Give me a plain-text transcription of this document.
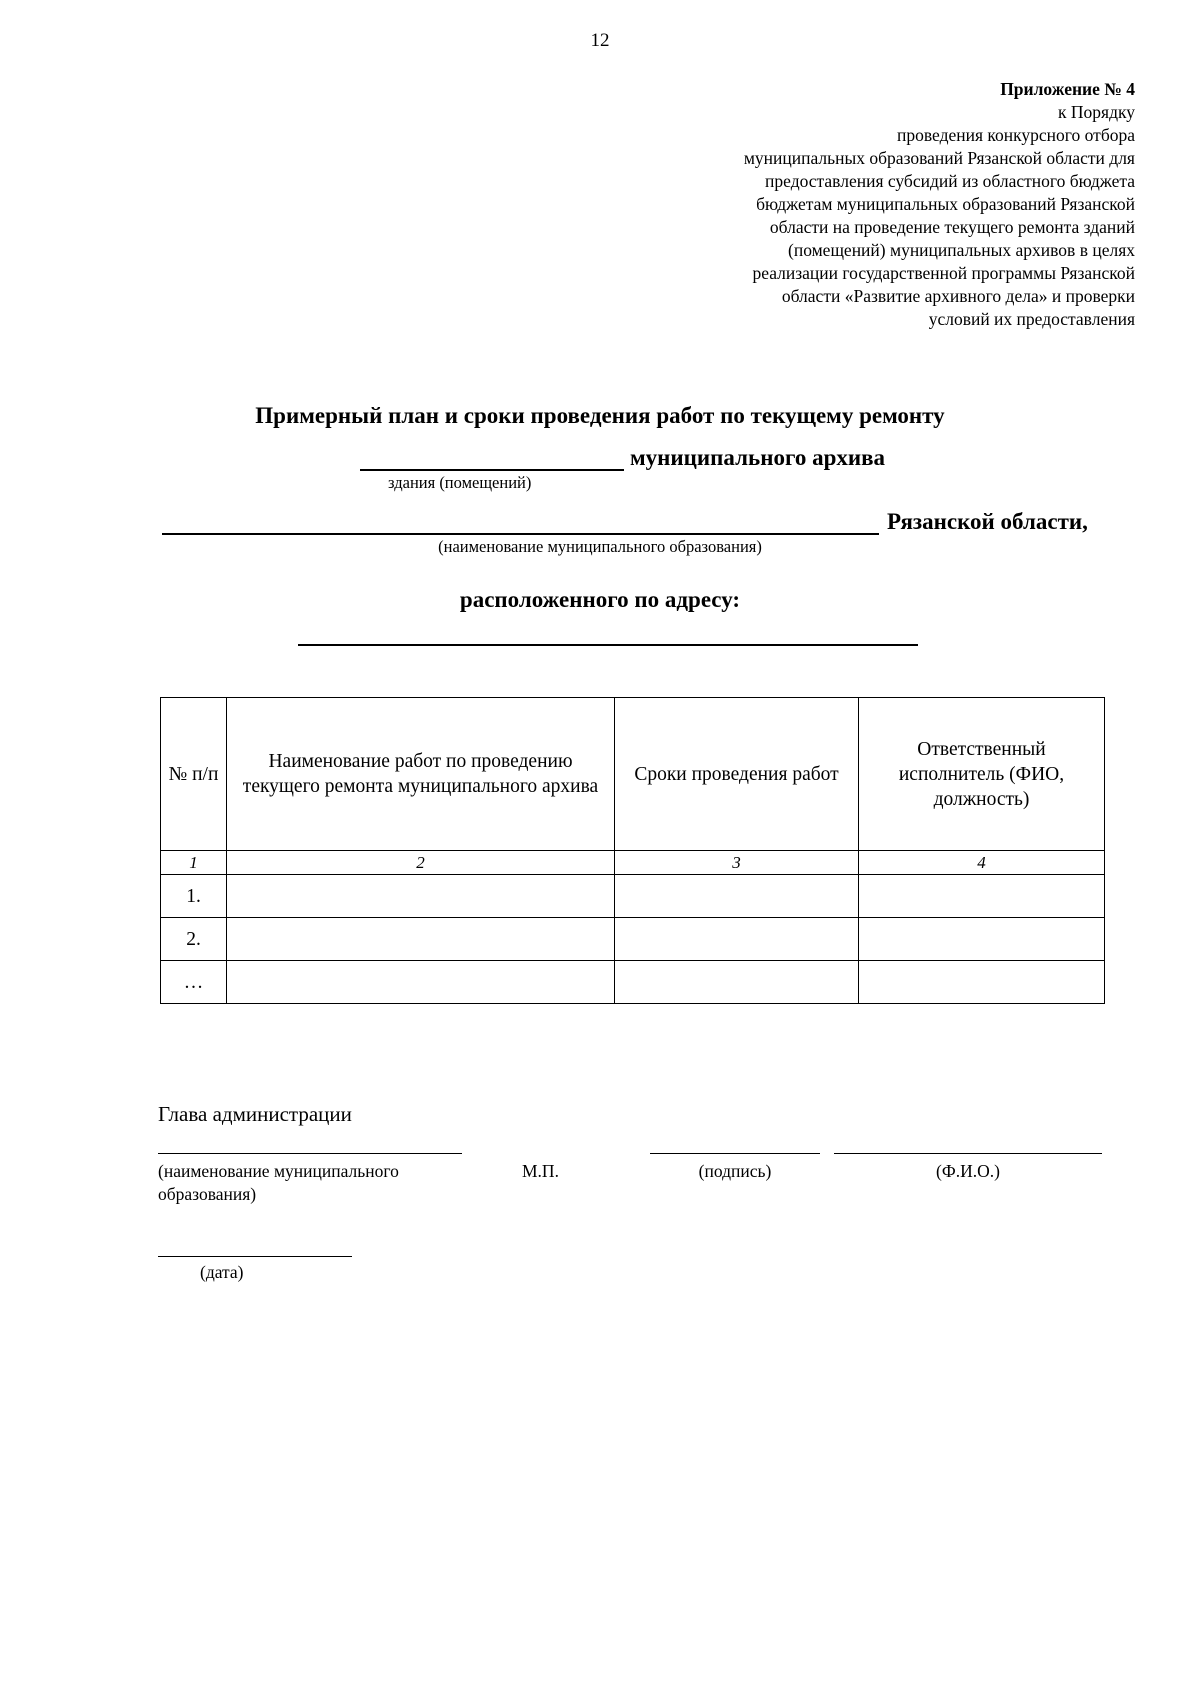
12
Приложение № 4
к Порядку
проведения конкурсного отбора
муниципальных образований Рязанской области для
предоставления субсидий из областного бюджета
бюджетам муниципальных образований Рязанской
области на проведение текущего ремонта зданий
(помещений) муниципальных архивов в целях
реализации государственной программы Рязанской
области «Развитие архивного дела» и проверки
условий их предоставления
Примерный план и сроки проведения работ по текущему ремонту
муниципального архива
здания (помещений)
Рязанской области,
(наименование муниципального образования)
расположенного по адресу:
№ п/п	Наименование работ по проведению текущего ремонта муниципального архива	Сроки проведения работ	Ответственный исполнитель (ФИО, должность)
1	2	3	4
1.			
2.			
…			
Глава администрации
(наименование муниципального образования)
М.П.	(подпись)	(Ф.И.О.)
(дата)
